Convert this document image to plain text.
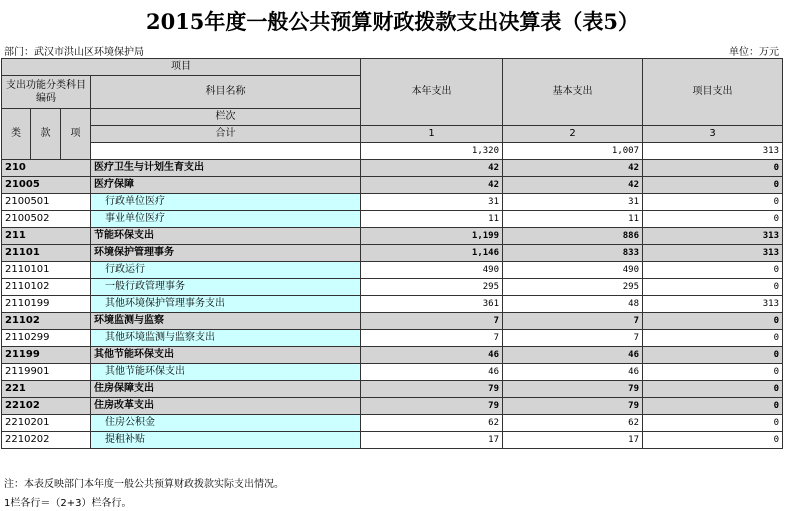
2015年度一般公共预算财政拨款支出决算表（表5）
部门：武汉市洪山区环境保护局	单位：万元
项目				本年支出	基本支出	项目支出
支出功能分类科目编码			科目名称			

类	款	项	栏次			
			合计	1	2	3
				1,320	1,007	313
210			医疗卫生与计划生育支出	42	42	0
21005			医疗保障	42	42	0
2100501			行政单位医疗	31	31	0
2100502			事业单位医疗	11	11	0
211			节能环保支出	1,199	886	313
21101			环境保护管理事务	1,146	833	313
2110101			行政运行	490	490	0
2110102			一般行政管理事务	295	295	0
2110199			其他环境保护管理事务支出	361	48	313
21102			环境监测与监察	7	7	0
2110299			其他环境监测与监察支出	7	7	0
21199			其他节能环保支出	46	46	0
2119901			其他节能环保支出	46	46	0
221			住房保障支出	79	79	0
22102			住房改革支出	79	79	0
2210201			住房公积金	62	62	0
2210202			提租补贴	17	17	0
注：本表反映部门本年度一般公共预算财政拨款实际支出情况。
1栏各行＝（2+3）栏各行。
